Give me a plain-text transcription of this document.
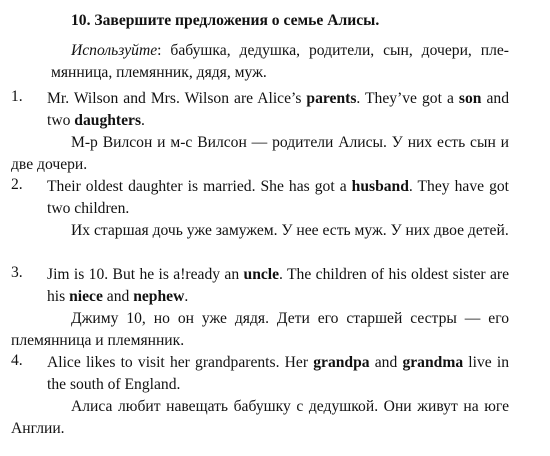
10. Завершите предложения о семье Алисы.
Используйте: бабушка, дедушка, родители, сын, дочери, пле-мянница, племянник, дядя, муж.
1. Mr. Wilson and Mrs. Wilson are Alice’s parents. They’ve got a son and two daughters.
М-р Вилсон и м-с Вилсон — родители Алисы. У них есть сын и две дочери.
2. Their oldest daughter is married. She has got a husband. They have got two children.
Их старшая дочь уже замужем. У нее есть муж. У них двое детей.
3. Jim is 10. But he is a!ready an uncle. The children of his oldest sister are his niece and nephew.
Джиму 10, но он уже дядя. Дети его старшей сестры — его племянница и племянник.
4. Alice likes to visit her grandparents. Her grandpa and grandma live in the south of England.
Алиса любит навещать бабушку с дедушкой. Они живут на юге Англии.
